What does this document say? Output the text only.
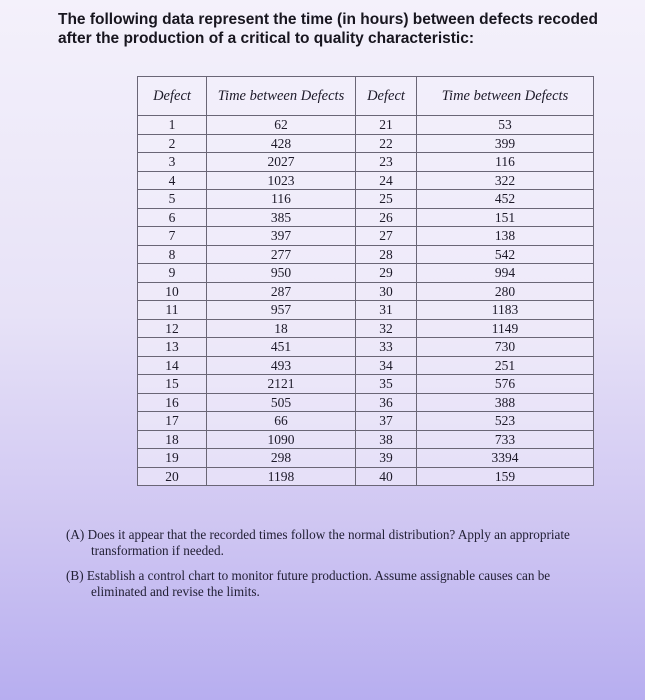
The following data represent the time (in hours) between defects recoded after the production of a critical to quality characteristic:
Defect	Time between Defects	Defect	Time between Defects
1	62	21	53
2	428	22	399
3	2027	23	116
4	1023	24	322
5	116	25	452
6	385	26	151
7	397	27	138
8	277	28	542
9	950	29	994
10	287	30	280
11	957	31	1183
12	18	32	1149
13	451	33	730
14	493	34	251
15	2121	35	576
16	505	36	388
17	66	37	523
18	1090	38	733
19	298	39	3394
20	1198	40	159

(A) Does it appear that the recorded times follow the normal distribution? Apply an appropriate transformation if needed.

(B) Establish a control chart to monitor future production. Assume assignable causes can be eliminated and revise the limits.
